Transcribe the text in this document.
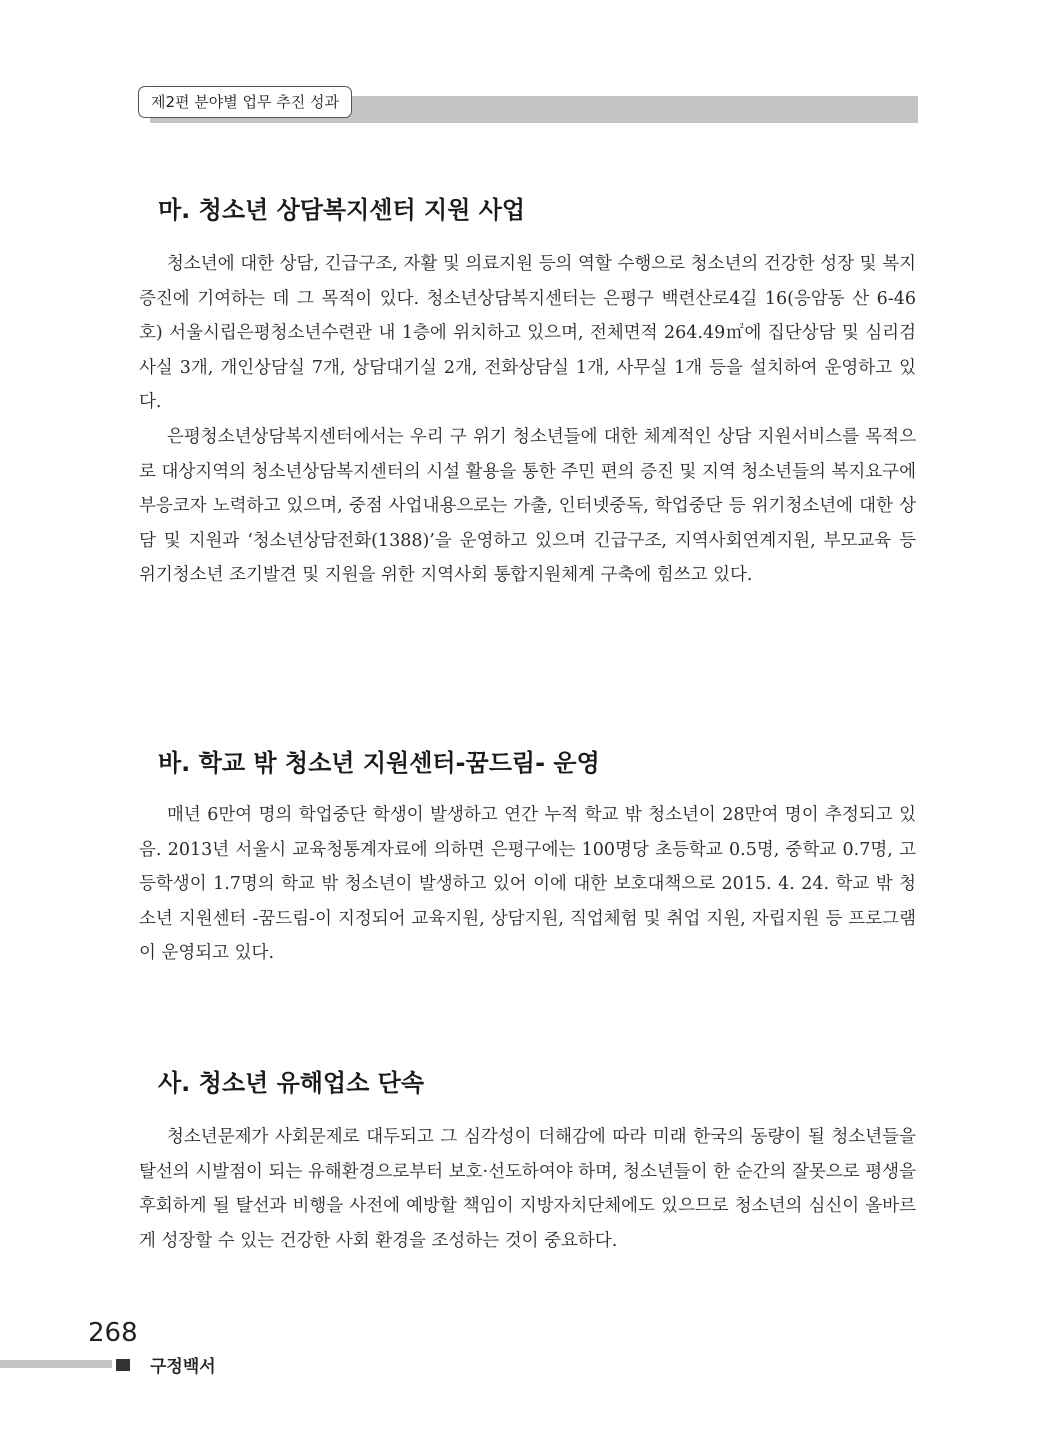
제2편 분야별 업무 추진 성과
마. 청소년 상담복지센터 지원 사업

청소년에 대한 상담, 긴급구조, 자활 및 의료지원 등의 역할 수행으로 청소년의 건강한 성장 및 복지 증진에 기여하는 데 그 목적이 있다. 청소년상담복지센터는 은평구 백련산로4길 16(응암동 산 6-46호) 서울시립은평청소년수련관 내 1층에 위치하고 있으며, 전체면적 264.49㎡에 집단상담 및 심리검사실 3개, 개인상담실 7개, 상담대기실 2개, 전화상담실 1개, 사무실 1개 등을 설치하여 운영하고 있다.

은평청소년상담복지센터에서는 우리 구 위기 청소년들에 대한 체계적인 상담 지원서비스를 목적으로 대상지역의 청소년상담복지센터의 시설 활용을 통한 주민 편의 증진 및 지역 청소년들의 복지요구에 부응코자 노력하고 있으며, 중점 사업내용으로는 가출, 인터넷중독, 학업중단 등 위기청소년에 대한 상담 및 지원과 ‘청소년상담전화(1388)’을 운영하고 있으며 긴급구조, 지역사회연계지원, 부모교육 등 위기청소년 조기발견 및 지원을 위한 지역사회 통합지원체계 구축에 힘쓰고 있다.

바. 학교 밖 청소년 지원센터-꿈드림- 운영

매년 6만여 명의 학업중단 학생이 발생하고 연간 누적 학교 밖 청소년이 28만여 명이 추정되고 있음. 2013년 서울시 교육청통계자료에 의하면 은평구에는 100명당 초등학교 0.5명, 중학교 0.7명, 고등학생이 1.7명의 학교 밖 청소년이 발생하고 있어 이에 대한 보호대책으로 2015. 4. 24. 학교 밖 청소년 지원센터 -꿈드림-이 지정되어 교육지원, 상담지원, 직업체험 및 취업 지원, 자립지원 등 프로그램이 운영되고 있다.

사. 청소년 유해업소 단속

청소년문제가 사회문제로 대두되고 그 심각성이 더해감에 따라 미래 한국의 동량이 될 청소년들을 탈선의 시발점이 되는 유해환경으로부터 보호·선도하여야 하며, 청소년들이 한 순간의 잘못으로 평생을 후회하게 될 탈선과 비행을 사전에 예방할 책임이 지방자치단체에도 있으므로 청소년의 심신이 올바르게 성장할 수 있는 건강한 사회 환경을 조성하는 것이 중요하다.

268
구정백서
